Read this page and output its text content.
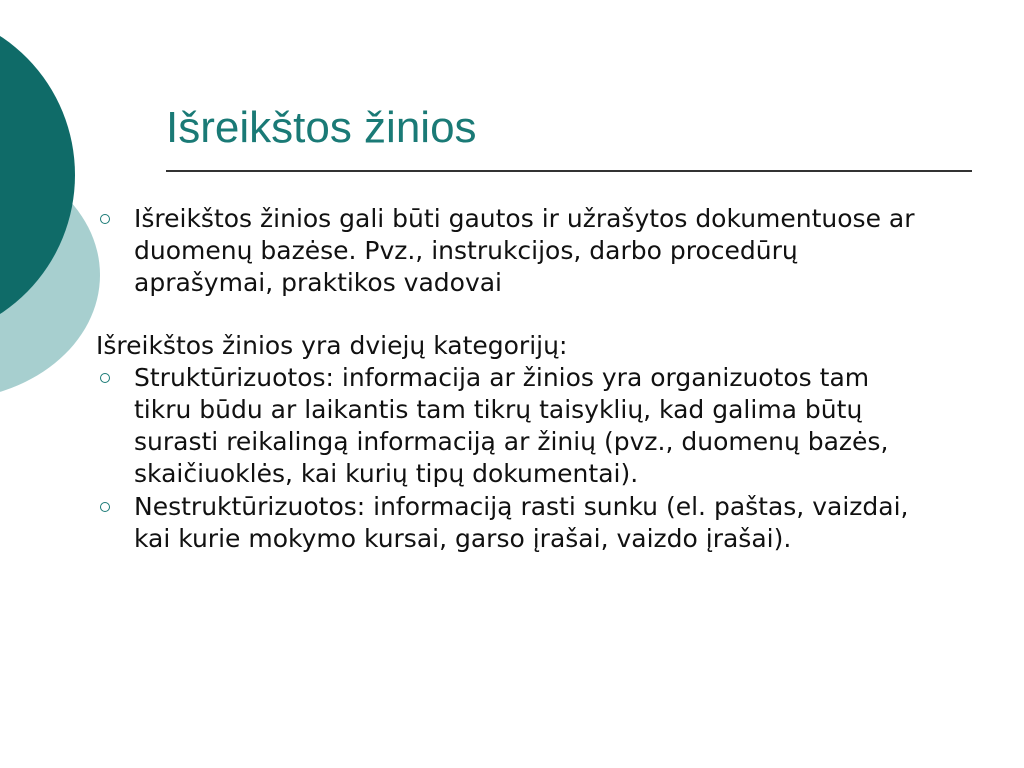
Išreikštos žinios

Išreikštos žinios gali būti gautos ir užrašytos dokumentuose ar duomenų bazėse. Pvz., instrukcijos, darbo procedūrų aprašymai, praktikos vadovai

Išreikštos žinios yra dviejų kategorijų:

Struktūrizuotos: informacija ar žinios yra organizuotos tam tikru būdu ar laikantis tam tikrų taisyklių, kad galima būtų surasti reikalingą informaciją ar žinių (pvz., duomenų bazės, skaičiuoklės, kai kurių tipų dokumentai).

Nestruktūrizuotos: informaciją rasti sunku (el. paštas, vaizdai, kai kurie mokymo kursai, garso įrašai, vaizdo įrašai).
